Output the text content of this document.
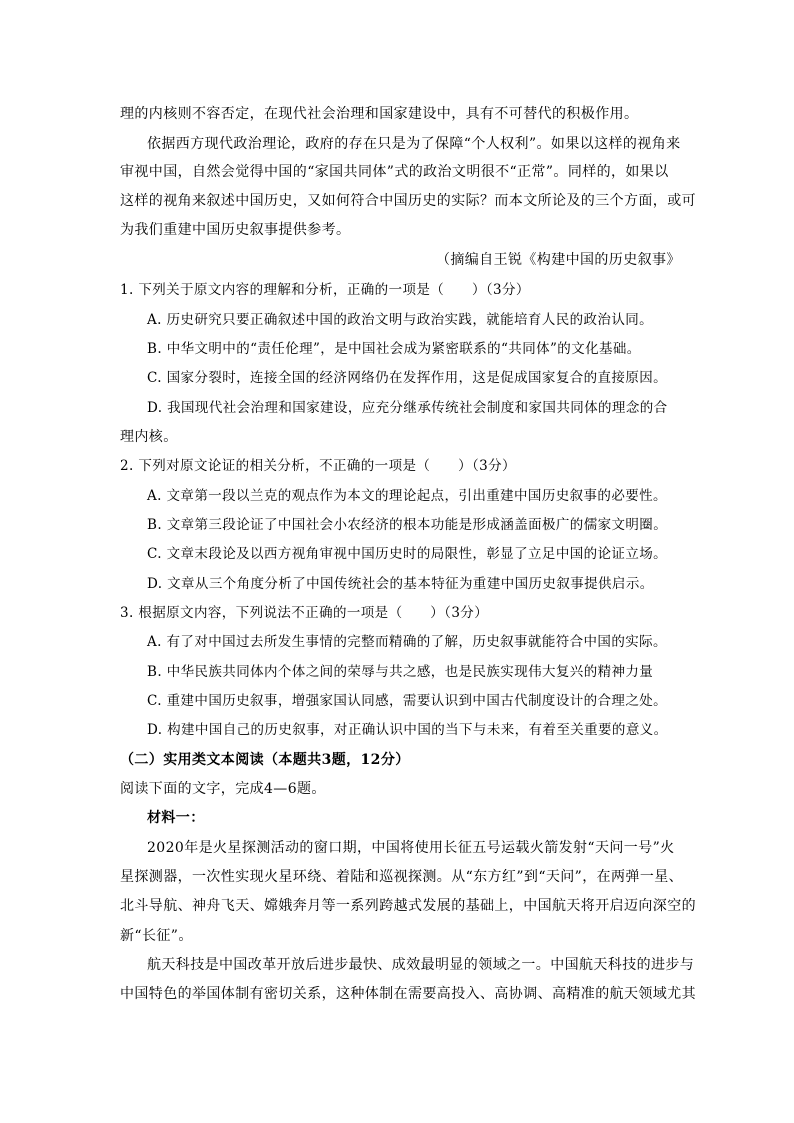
理的内核则不容否定，在现代社会治理和国家建设中，具有不可替代的积极作用。
依据西方现代政治理论，政府的存在只是为了保障“个人权利”。如果以这样的视角来
审视中国，自然会觉得中国的“家国共同体”式的政治文明很不“正常”。同样的，如果以
这样的视角来叙述中国历史，又如何符合中国历史的实际？而本文所论及的三个方面，或可
为我们重建中国历史叙事提供参考。
（摘编自王锐《构建中国的历史叙事》
1. 下列关于原文内容的理解和分析，正确的一项是（　　）（3分）
A. 历史研究只要正确叙述中国的政治文明与政治实践，就能培育人民的政治认同。
B. 中华文明中的“责任伦理”，是中国社会成为紧密联系的“共同体”的文化基础。
C. 国家分裂时，连接全国的经济网络仍在发挥作用，这是促成国家复合的直接原因。
D. 我国现代社会治理和国家建设，应充分继承传统社会制度和家国共同体的理念的合
理内核。
2. 下列对原文论证的相关分析，不正确的一项是（　　）（3分）
A. 文章第一段以兰克的观点作为本文的理论起点，引出重建中国历史叙事的必要性。
B. 文章第三段论证了中国社会小农经济的根本功能是形成涵盖面极广的儒家文明圈。
C. 文章末段论及以西方视角审视中国历史时的局限性，彰显了立足中国的论证立场。
D. 文章从三个角度分析了中国传统社会的基本特征为重建中国历史叙事提供启示。
3. 根据原文内容，下列说法不正确的一项是（　　）（3分）
A. 有了对中国过去所发生事情的完整而精确的了解，历史叙事就能符合中国的实际。
B. 中华民族共同体内个体之间的荣辱与共之感，也是民族实现伟大复兴的精神力量
C. 重建中国历史叙事，增强家国认同感，需要认识到中国古代制度设计的合理之处。
D. 构建中国自己的历史叙事，对正确认识中国的当下与未来，有着至关重要的意义。
（二）实用类文本阅读（本题共3题，12分）
阅读下面的文字，完成4—6题。
材料一：
2020年是火星探测活动的窗口期，中国将使用长征五号运载火箭发射“天问一号”火
星探测器，一次性实现火星环绕、着陆和巡视探测。从“东方红”到“天问”，在两弹一星、
北斗导航、神舟飞天、嫦娥奔月等一系列跨越式发展的基础上，中国航天将开启迈向深空的
新“长征”。
航天科技是中国改革开放后进步最快、成效最明显的领域之一。中国航天科技的进步与
中国特色的举国体制有密切关系，这种体制在需要高投入、高协调、高精准的航天领域尤其
